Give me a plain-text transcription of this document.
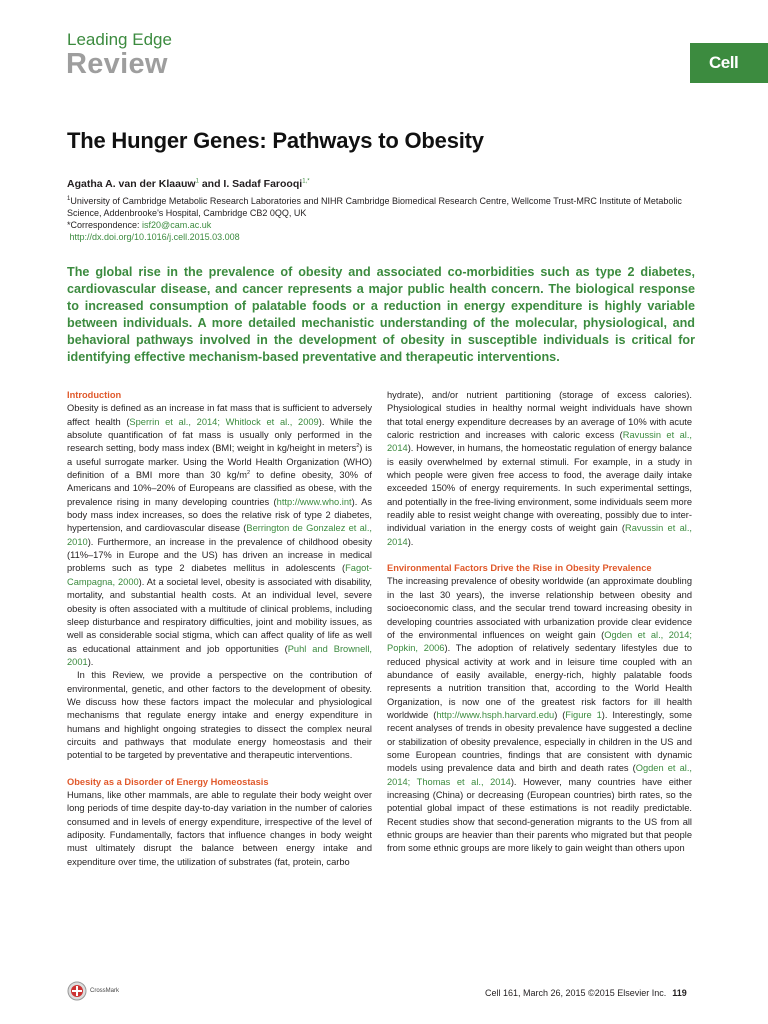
Leading Edge
Review	Cell
The Hunger Genes: Pathways to Obesity
Agatha A. van der Klaauw$^1$ and I. Sadaf Farooqi$^{1,*}$
$^1$University of Cambridge Metabolic Research Laboratories and NIHR Cambridge Biomedical Research Centre, Wellcome Trust-MRC Institute of Metabolic Science, Addenbrooke's Hospital, Cambridge CB2 0QQ, UK
*Correspondence: isf20@cam.ac.uk
http://dx.doi.org/10.1016/j.cell.2015.03.008
The global rise in the prevalence of obesity and associated co-morbidities such as type 2 diabetes, cardiovascular disease, and cancer represents a major public health concern. The biological response to increased consumption of palatable foods or a reduction in energy expenditure is highly variable between individuals. A more detailed mechanistic understanding of the molecular, physiological, and behavioral pathways involved in the development of obesity in susceptible individuals is critical for identifying effective mechanism-based preventative and therapeutic interventions.
Introduction

Obesity is defined as an increase in fat mass that is sufficient to adversely affect health (Sperrin et al., 2014; Whitlock et al., 2009). While the absolute quantification of fat mass is usually only performed in the research setting, body mass index (BMI; weight in kg/height in meters$^2$) is a useful surrogate marker. Using the World Health Organization (WHO) definition of a BMI more than 30 $kg/m^2$ to define obesity, 30% of Americans and 10%–20% of Europeans are classified as obese, with the prevalence rising in many developing countries (http://www.who.int). As body mass index increases, so does the relative risk of type 2 diabetes, hypertension, and cardiovascular disease (Berrington de Gonzalez et al., 2010). Furthermore, an increase in the prevalence of childhood obesity (11%–17% in Europe and the US) has driven an increase in medical problems such as type 2 diabetes mellitus in adolescents (Fagot-Campagna, 2000). At a societal level, obesity is associated with disability, mortality, and substantial health costs. At an individual level, severe obesity is often associated with a multitude of clinical problems, including sleep disturbance and respiratory difficulties, joint and mobility issues, as well as considerable social stigma, which can affect quality of life as well as educational attainment and job opportunities (Puhl and Brownell, 2001).

In this Review, we provide a perspective on the contribution of environmental, genetic, and other factors to the development of obesity. We discuss how these factors impact the molecular and physiological mechanisms that regulate energy intake and energy expenditure in humans and highlight ongoing strategies to dissect the complex neural circuits and pathways that modulate energy homeostasis and their potential to be targeted by preventative and therapeutic interventions.

Obesity as a Disorder of Energy Homeostasis

Humans, like other mammals, are able to regulate their body weight over long periods of time despite day-to-day variation in the number of calories consumed and in levels of energy expenditure, irrespective of the level of adiposity. Fundamentally, factors that influence changes in body weight must ultimately disrupt the balance between energy intake and expenditure over time, the utilization of substrates (fat, protein, carbo

hydrate), and/or nutrient partitioning (storage of excess calories). Physiological studies in healthy normal weight individuals have shown that total energy expenditure decreases by an average of 10% with acute caloric restriction and increases with caloric excess (Ravussin et al., 2014). However, in humans, the homeostatic regulation of energy balance is easily overwhelmed by external stimuli. For example, in a study in which people were given free access to food, the average daily intake exceeded 150% of energy requirements. In such experimental settings, and potentially in the free-living environment, some individuals seem more readily able to resist weight change with overeating, possibly due to inter-individual variation in the energy costs of weight gain (Ravussin et al., 2014).

Environmental Factors Drive the Rise in Obesity Prevalence

The increasing prevalence of obesity worldwide (an approximate doubling in the last 30 years), the inverse relationship between obesity and socioeconomic class, and the secular trend toward increasing obesity in developing countries associated with urbanization provide clear evidence of the environmental influences on weight gain (Ogden et al., 2014; Popkin, 2006). The adoption of relatively sedentary lifestyles due to reduced physical activity at work and in leisure time coupled with an abundance of easily available, energy-rich, highly palatable foods represents a nutrition transition that, according to the World Health Organization, is now one of the greatest risk factors for ill health worldwide (http://www.hsph.harvard.edu) (Figure 1). Interestingly, some recent analyses of trends in obesity prevalence have suggested a decline or stabilization of obesity prevalence, especially in children in the US and some European countries, findings that are consistent with dynamic models using prevalence data and birth and death rates (Ogden et al., 2014; Thomas et al., 2014). However, many countries have either increasing (China) or decreasing (European countries) birth rates, so the potential global impact of these estimations is not readily predictable. Recent studies show that second-generation migrants to the US from all ethnic groups are heavier than their parents who migrated but that people from some ethnic groups are more likely to gain weight than others upon

CrossMark	Cell 161, March 26, 2015 ©2015 Elsevier Inc. 119
